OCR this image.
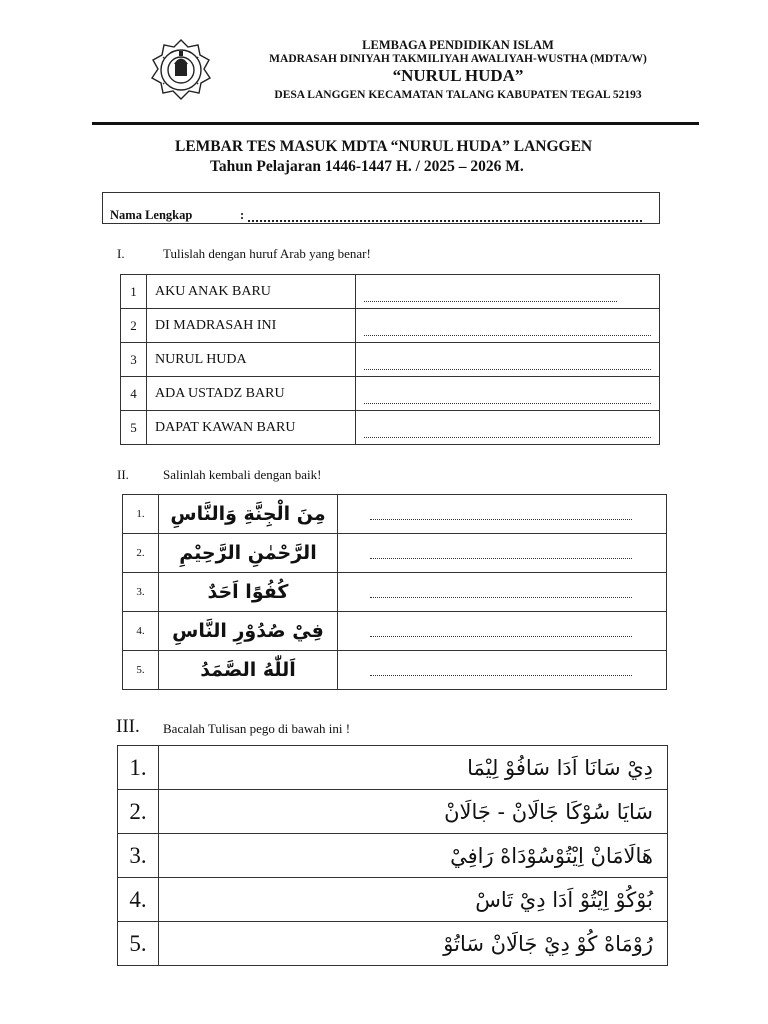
✦	✦
✦	✦
LEMBAGA PENDIDIKAN ISLAM
MADRASAH DINIYAH TAKMILIYAH AWALIYAH-WUSTHA (MDTA/W)
“NURUL HUDA”
DESA LANGGEN KECAMATAN TALANG KABUPATEN TEGAL 52193
LEMBAR TES MASUK MDTA “NURUL HUDA” LANGGEN
Tahun Pelajaran 1446-1447 H. / 2025 – 2026 M.
Nama Lengkap	:
I.	Tulislah dengan huruf Arab yang benar!
1	AKU ANAK BARU	

2	DI MADRASAH INI	

3	NURUL HUDA	

4	ADA USTADZ BARU	

5	DAPAT KAWAN BARU	
II.	Salinlah kembali dengan baik!
1.	مِنَ الْجِنَّةِ وَالنَّاسِ	

2.	الرَّحْمٰنِ الرَّحِيْمِ	

3.	كُفُوًا اَحَدٌ	

4.	فِيْ صُدُوْرِ النَّاسِ	

5.	اَللّٰهُ الصَّمَدُ	
III. Bacalah Tulisan pego di bawah ini !
1.	دِيْ سَانَا اَدَا سَافُوْ لِيْمَا
2.	سَايَا سُوْكَا جَالَانْ - جَالَانْ
3.	هَالَامَانْ اِيْتُوْسُوْدَاهْ رَافِيْ
4.	بُوْكُوْ اِيْتُوْ اَدَا دِيْ تَاسْ
5.	رُوْمَاهْ كُوْ دِيْ جَالَانْ سَاتُوْ
